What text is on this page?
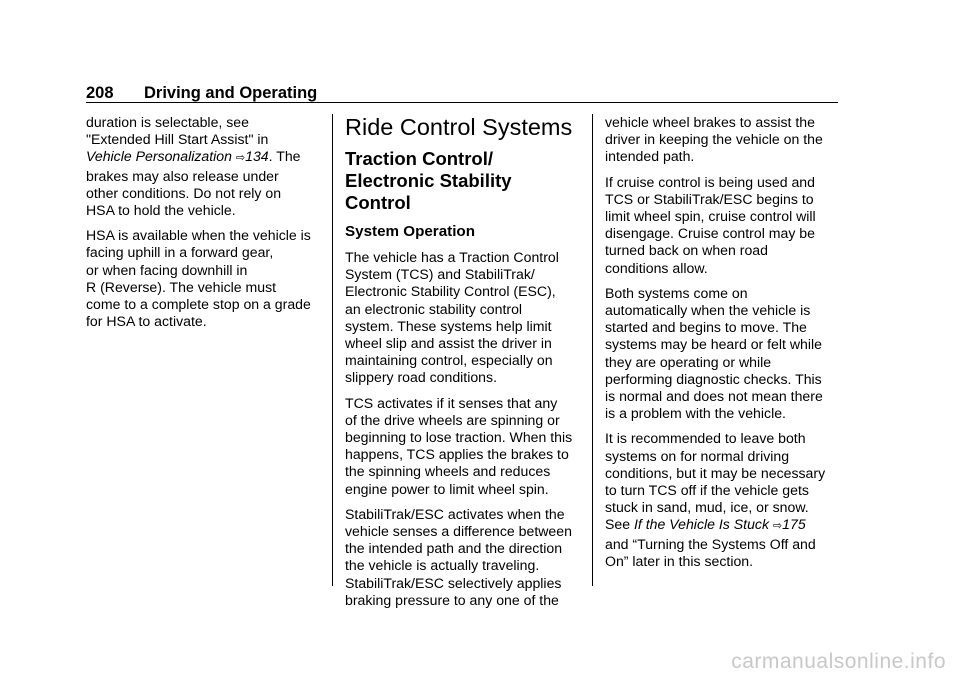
208 Driving and Operating

duration is selectable, see
"Extended Hill Start Assist" in
Vehicle Personalization ⇨134. The
brakes may also release under
other conditions. Do not rely on
HSA to hold the vehicle.

HSA is available when the vehicle is
facing uphill in a forward gear,
or when facing downhill in
R (Reverse). The vehicle must
come to a complete stop on a grade
for HSA to activate.

Ride Control Systems
Traction Control/
Electronic Stability
Control
System Operation

The vehicle has a Traction Control
System (TCS) and StabiliTrak/
Electronic Stability Control (ESC),
an electronic stability control
system. These systems help limit
wheel slip and assist the driver in
maintaining control, especially on
slippery road conditions.

TCS activates if it senses that any
of the drive wheels are spinning or
beginning to lose traction. When this
happens, TCS applies the brakes to
the spinning wheels and reduces
engine power to limit wheel spin.

StabiliTrak/ESC activates when the
vehicle senses a difference between
the intended path and the direction
the vehicle is actually traveling.
StabiliTrak/ESC selectively applies
braking pressure to any one of the

vehicle wheel brakes to assist the
driver in keeping the vehicle on the
intended path.

If cruise control is being used and
TCS or StabiliTrak/ESC begins to
limit wheel spin, cruise control will
disengage. Cruise control may be
turned back on when road
conditions allow.

Both systems come on
automatically when the vehicle is
started and begins to move. The
systems may be heard or felt while
they are operating or while
performing diagnostic checks. This
is normal and does not mean there
is a problem with the vehicle.

It is recommended to leave both
systems on for normal driving
conditions, but it may be necessary
to turn TCS off if the vehicle gets
stuck in sand, mud, ice, or snow.
See If the Vehicle Is Stuck ⇨175
and “Turning the Systems Off and
On” later in this section.

carmanualsonline.info
